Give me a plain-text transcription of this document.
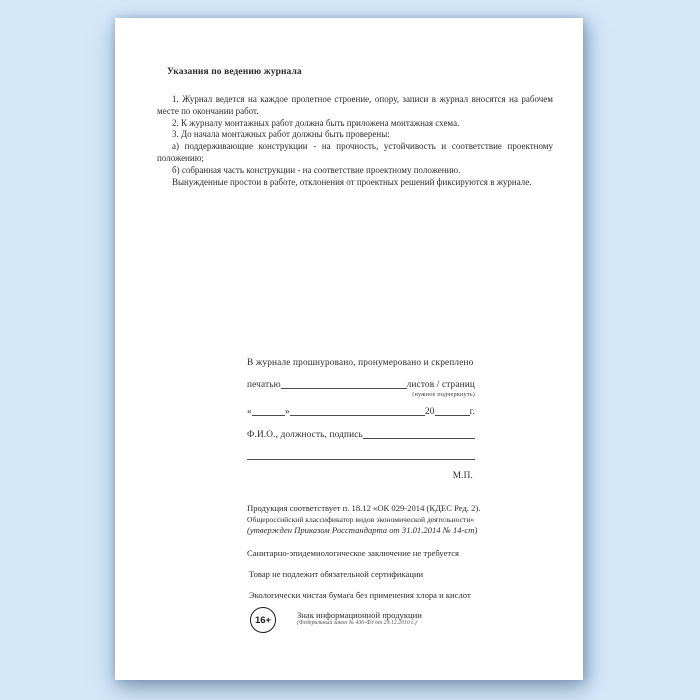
Указания по ведению журнала

1. Журнал ведется на каждое пролетное строение, опору, записи в журнал вносятся на рабочем месте по окончании работ.

2. К журналу монтажных работ должна быть приложена монтажная схема.

3. До начала монтажных работ должны быть проверены:

а) поддерживающие конструкции - на прочность, устойчивость и соответствие проектному положению;

б) собранная часть конструкции - на соответствие проектному положению.

Вынужденные простои в работе, отклонения от проектных решений фиксируются в журнале.

В журнале прошнуровано, пронумеровано и скреплено

печатью	листов / страниц
(нужное подчеркнуть)
«	»	20	г.
Ф.И.О., должность, подпись
М.П.

Продукция соответствует п. 18.12 «ОК 029-2014 (КДЕС Ред. 2).

Общероссийский классификатор видов экономической деятельности»

(утвержден Приказом Росстандарта от 31.01.2014 № 14-ст)

Санитарно-эпидемиологическое заключение не требуется

Товар не подлежит обязательной сертификации

Экологически чистая бумага без применения хлора и кислот

16+	Знак информационной продукции
(Федеральный закон № 436-ФЗ от 29.12.2010 г.)
